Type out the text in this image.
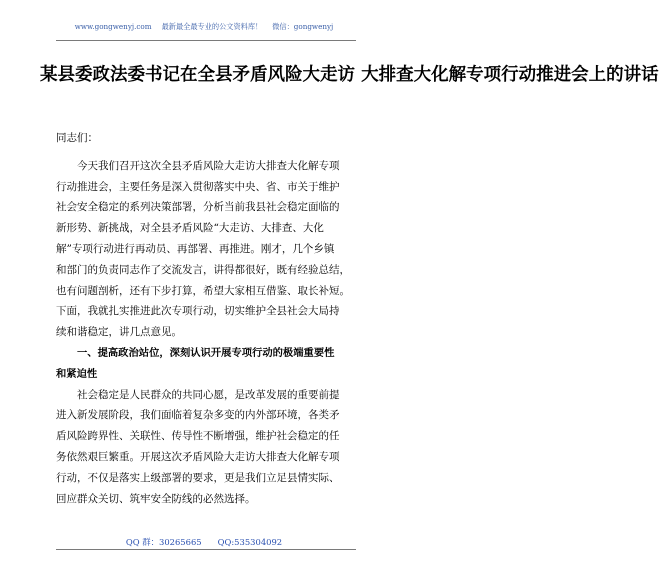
www.gongwenyj.com 最新最全最专业的公文资料库！ 微信：gongwenyj
某县委政法委书记在全县矛盾风险大走访 大排查大化解专项行动推进会上的讲话

同志们：

今天我们召开这次全县矛盾风险大走访大排查大化解专项
行动推进会，主要任务是深入贯彻落实中央、省、市关于维护
社会安全稳定的系列决策部署，分析当前我县社会稳定面临的
新形势、新挑战，对全县矛盾风险“大走访、大排查、大化
解”专项行动进行再动员、再部署、再推进。刚才，几个乡镇
和部门的负责同志作了交流发言，讲得都很好，既有经验总结，
也有问题剖析，还有下步打算，希望大家相互借鉴、取长补短。
下面，我就扎实推进此次专项行动，切实维护全县社会大局持
续和谐稳定，讲几点意见。

一、提高政治站位，深刻认识开展专项行动的极端重要性
和紧迫性

社会稳定是人民群众的共同心愿，是改革发展的重要前提
进入新发展阶段，我们面临着复杂多变的内外部环境，各类矛
盾风险跨界性、关联性、传导性不断增强，维护社会稳定的任
务依然艰巨繁重。开展这次矛盾风险大走访大排查大化解专项
行动，不仅是落实上级部署的要求，更是我们立足县情实际、
回应群众关切、筑牢安全防线的必然选择。

QQ 群：30265665 QQ:535304092
